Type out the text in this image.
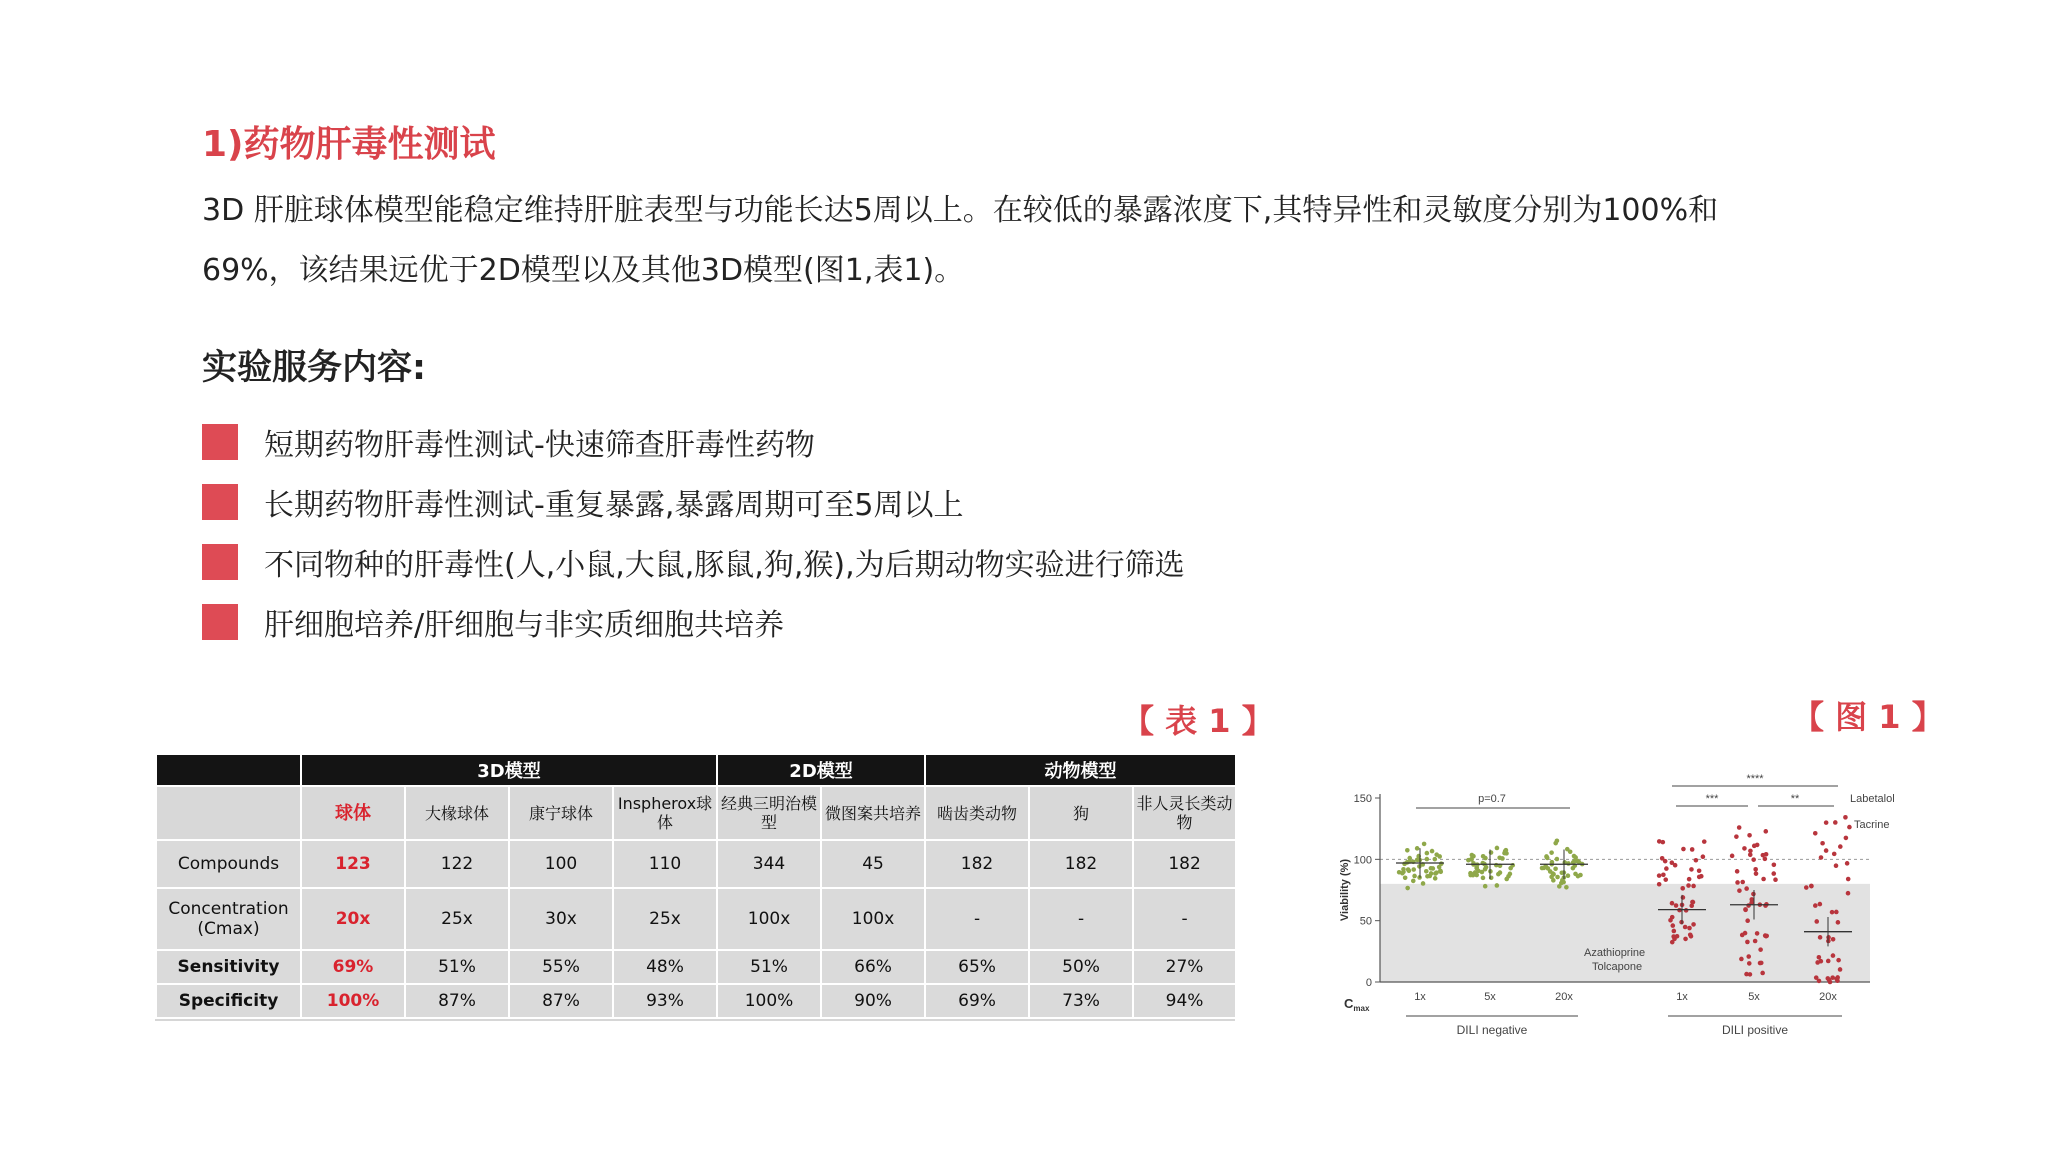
1)药物肝毒性测试
3D 肝脏球体模型能稳定维持肝脏表型与功能长达5周以上。在较低的暴露浓度下,其特异性和灵敏度分别为100%和
69%，该结果远优于2D模型以及其他3D模型(图1,表1)。
实验服务内容:
短期药物肝毒性测试-快速筛查肝毒性药物
长期药物肝毒性测试-重复暴露,暴露周期可至5周以上
不同物种的肝毒性(人,小鼠,大鼠,豚鼠,狗,猴),为后期动物实验进行筛选
肝细胞培养/肝细胞与非实质细胞共培养
【 表 1 】	【 图 1 】
	3D模型				2D模型		动物模型		
	球体	大椽球体	康宁球体	Inspherox球体	经典三明治模型	微图案共培养	啮齿类动物	狗	非人灵长类动物
Compounds	123	122	100	110	344	45	182	182	182
Concentration (Cmax)	20x	25x	30x	25x	100x	100x	-	-	-
Sensitivity	69%	51%	55%	48%	51%	66%	65%	50%	27%
Specificity	100%	87%	87%	93%	100%	90%	69%	73%	94%
0
50
100
150
1x	5x	20x	1x	5x	20x
p=0.7
****
***	**	Labetalol
Tacrine
Azathioprine
Tolcapone
DILI negative	DILI positive
$C_{max}$
Viability (%)
